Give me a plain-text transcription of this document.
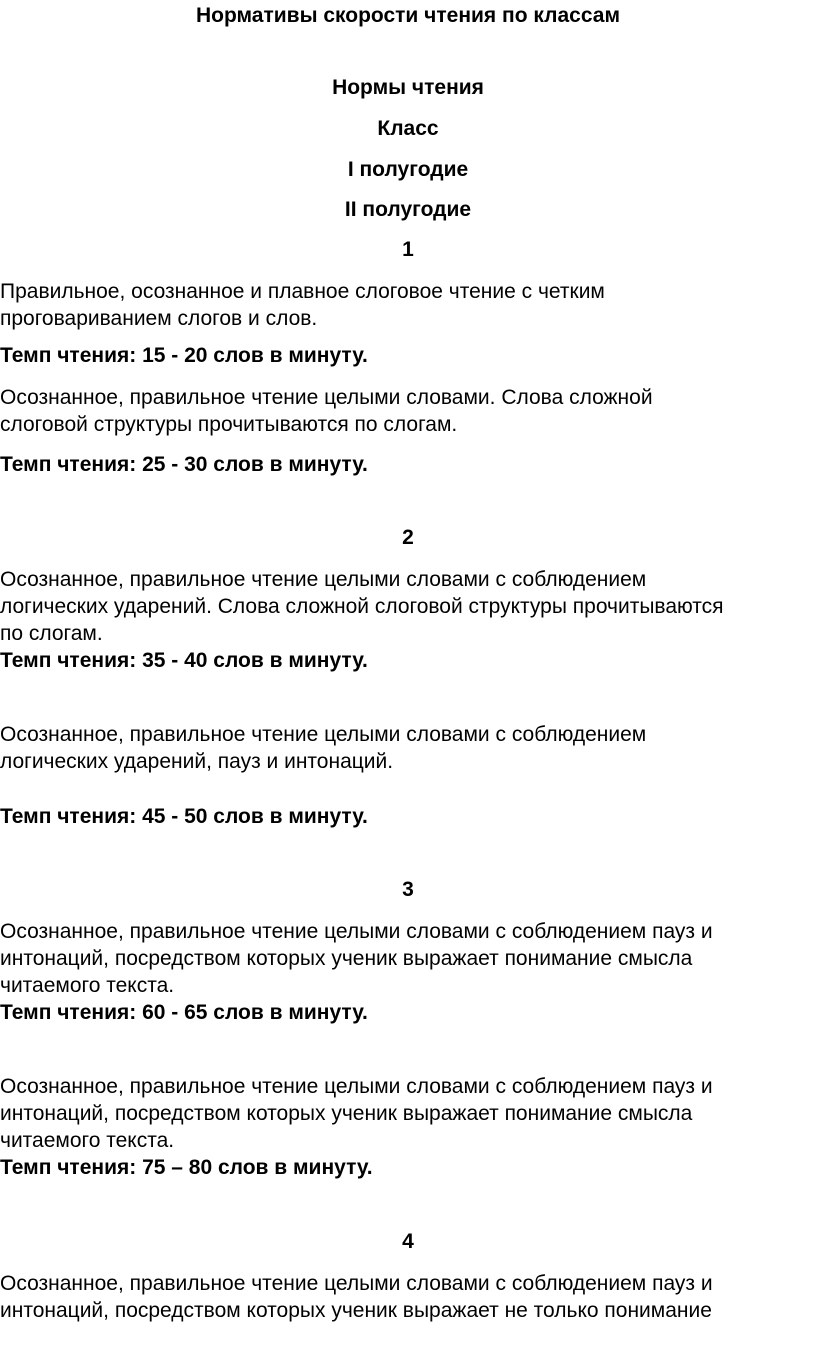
Нормативы скорости чтения по классам
Нормы чтения
Класс
I полугодие
II полугодие
1
Правильное, осознанное и плавное слоговое чтение с четким
проговариванием слогов и слов.
Темп чтения: 15 - 20 слов в минуту.
Осознанное, правильное чтение целыми словами. Слова сложной
слоговой структуры прочитываются по слогам.
Темп чтения: 25 - 30 слов в минуту.
2
Осознанное, правильное чтение целыми словами с соблюдением
логических ударений. Слова сложной слоговой структуры прочитываются
по слогам.
Темп чтения: 35 - 40 слов в минуту.
Осознанное, правильное чтение целыми словами с соблюдением
логических ударений, пауз и интонаций.
Темп чтения: 45 - 50 слов в минуту.
3
Осознанное, правильное чтение целыми словами с соблюдением пауз и
интонаций, посредством которых ученик выражает понимание смысла
читаемого текста.
Темп чтения: 60 - 65 слов в минуту.
Осознанное, правильное чтение целыми словами с соблюдением пауз и
интонаций, посредством которых ученик выражает понимание смысла
читаемого текста.
Темп чтения: 75 – 80 слов в минуту.
4
Осознанное, правильное чтение целыми словами с соблюдением пауз и
интонаций, посредством которых ученик выражает не только понимание
